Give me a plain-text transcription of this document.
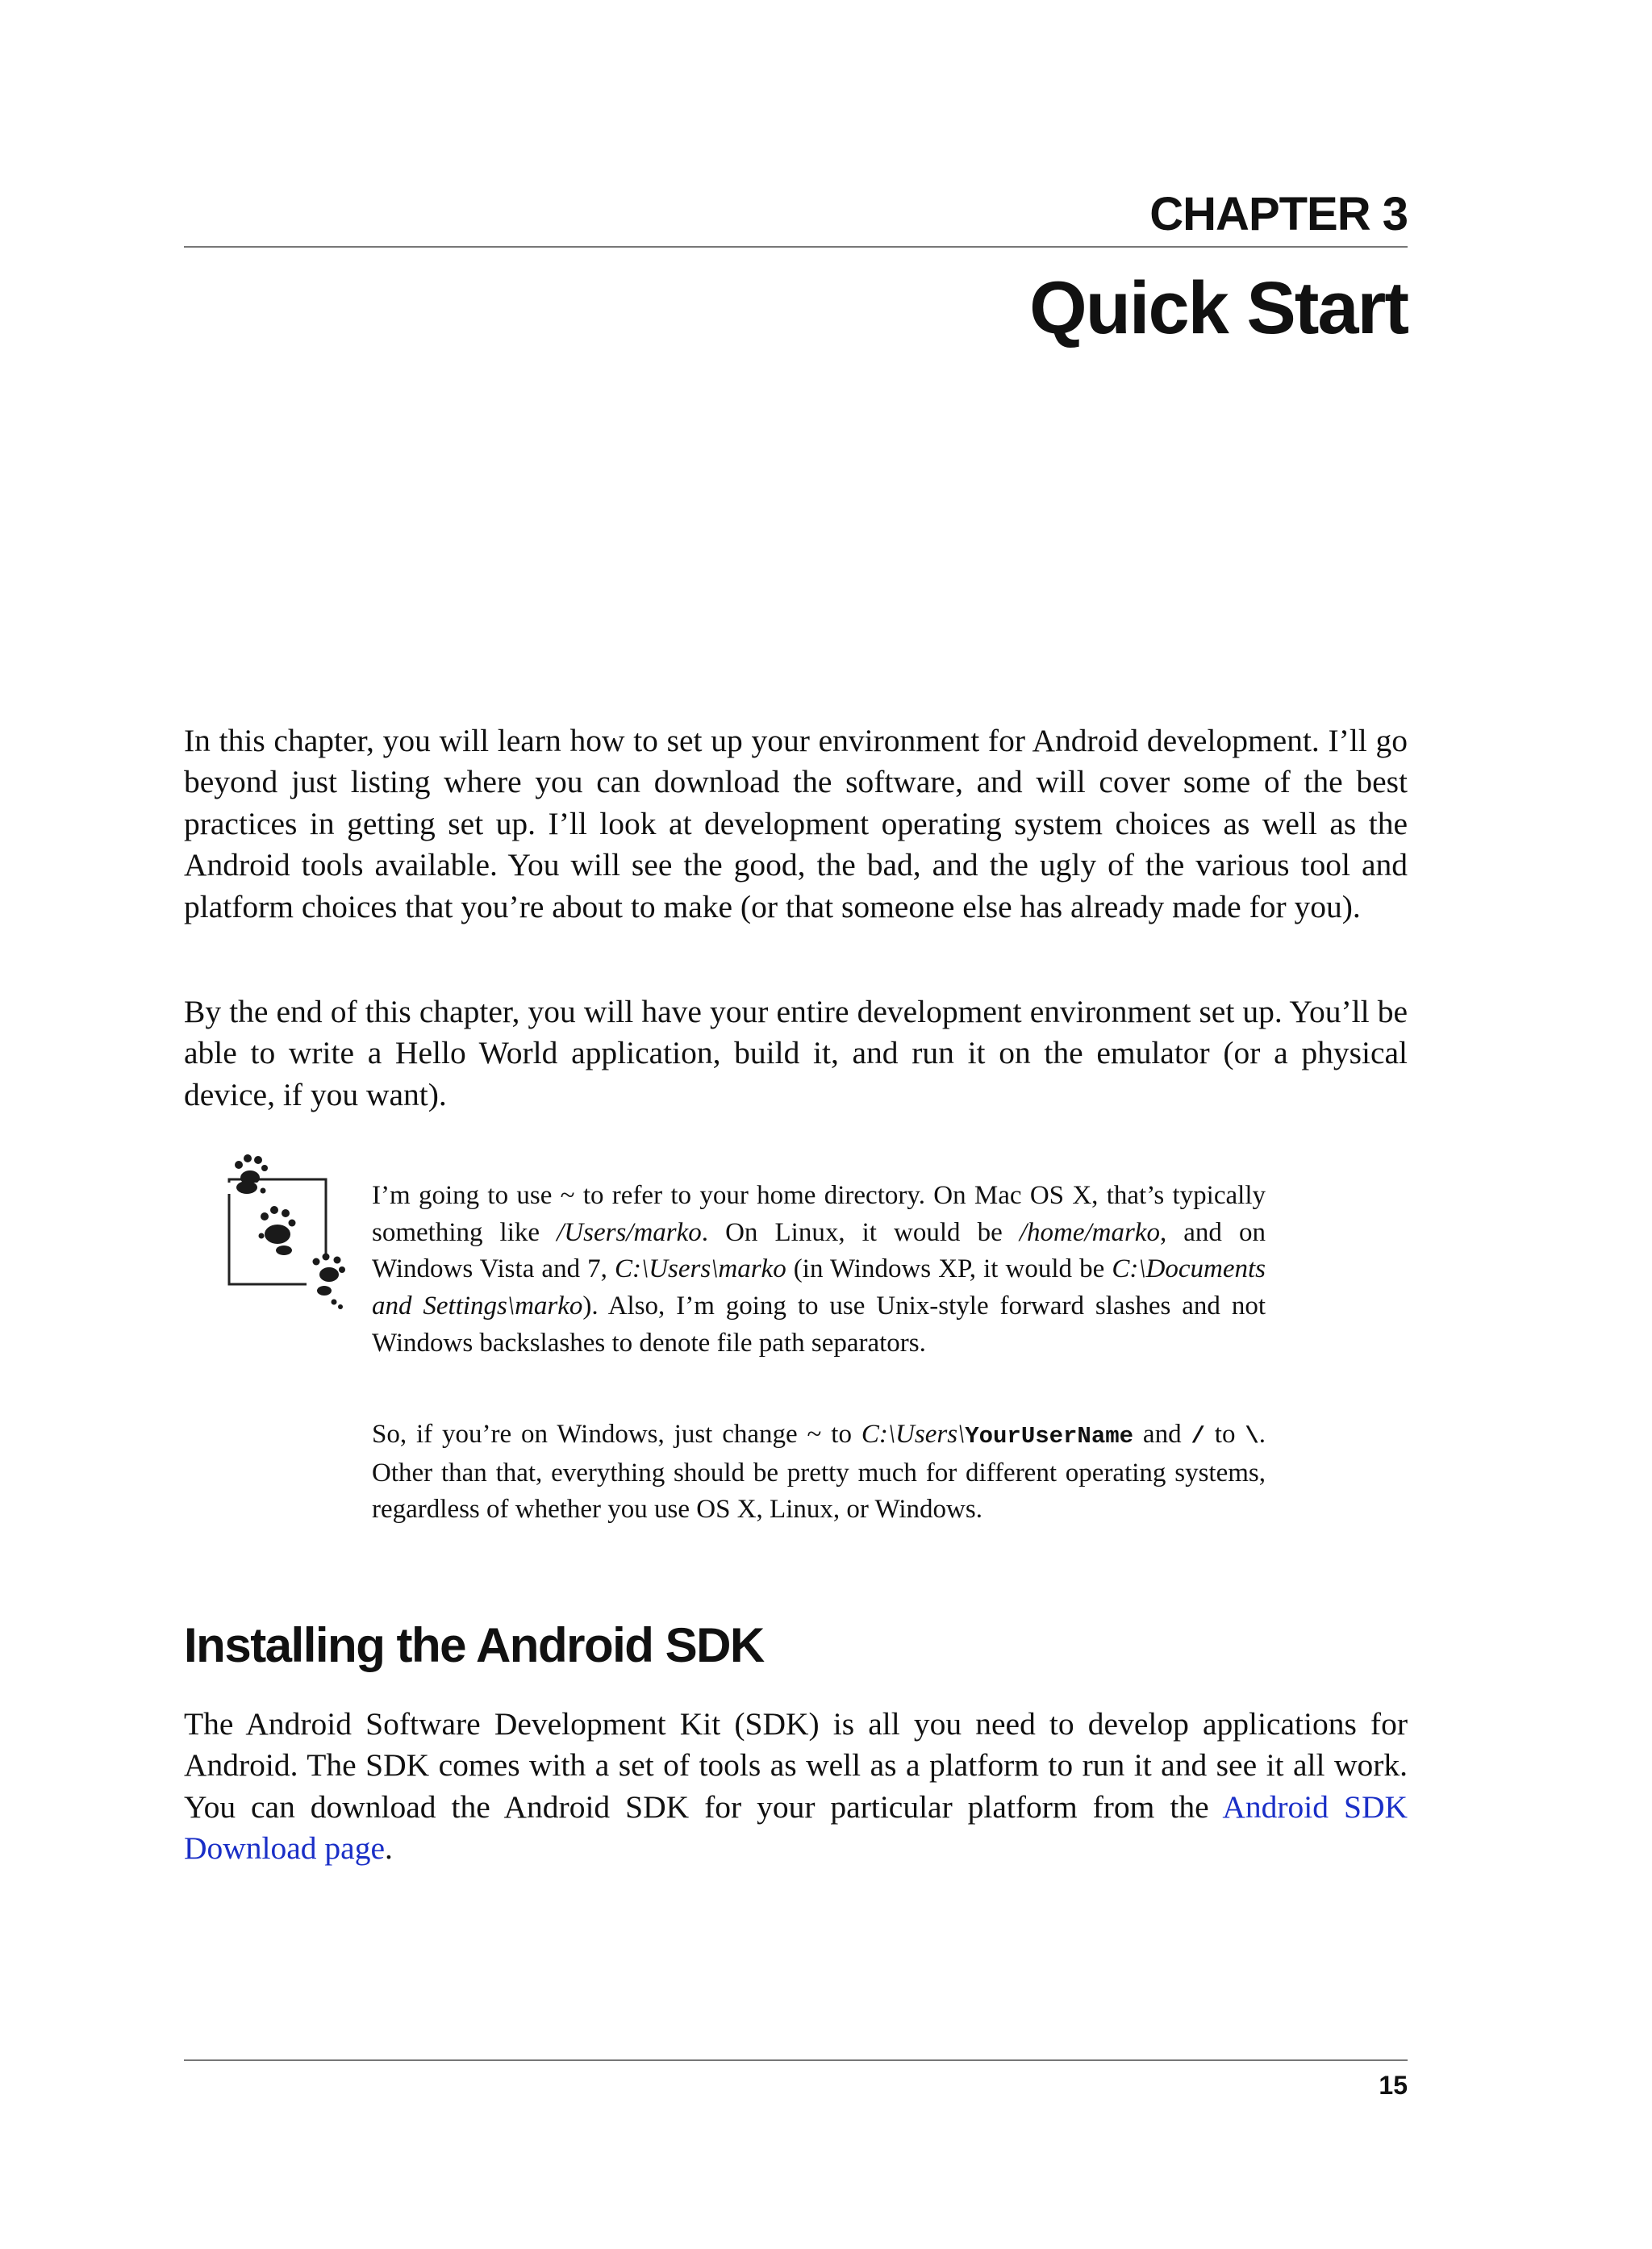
CHAPTER 3
Quick Start

In this chapter, you will learn how to set up your environment for Android development. I’ll go beyond just listing where you can download the software, and will cover some of the best practices in getting set up. I’ll look at development operating system choices as well as the Android tools available. You will see the good, the bad, and the ugly of the various tool and platform choices that you’re about to make (or that someone else has already made for you).

By the end of this chapter, you will have your entire development environment set up. You’ll be able to write a Hello World application, build it, and run it on the emulator (or a physical device, if you want).

I’m going to use ~ to refer to your home directory. On Mac OS X, that’s typically something like /Users/marko. On Linux, it would be /home/marko, and on Windows Vista and 7, C:\Users\marko (in Windows XP, it would be C:\Documents and Settings\marko). Also, I’m going to use Unix-style forward slashes and not Windows backslashes to denote file path separators.

So, if you’re on Windows, just change ~ to C:\Users\YourUserName and / to \. Other than that, everything should be pretty much for different operating systems, regardless of whether you use OS X, Linux, or Windows.

Installing the Android SDK

The Android Software Development Kit (SDK) is all you need to develop applications for Android. The SDK comes with a set of tools as well as a platform to run it and see it all work. You can download the Android SDK for your particular platform from the Android SDK Download page.

15
